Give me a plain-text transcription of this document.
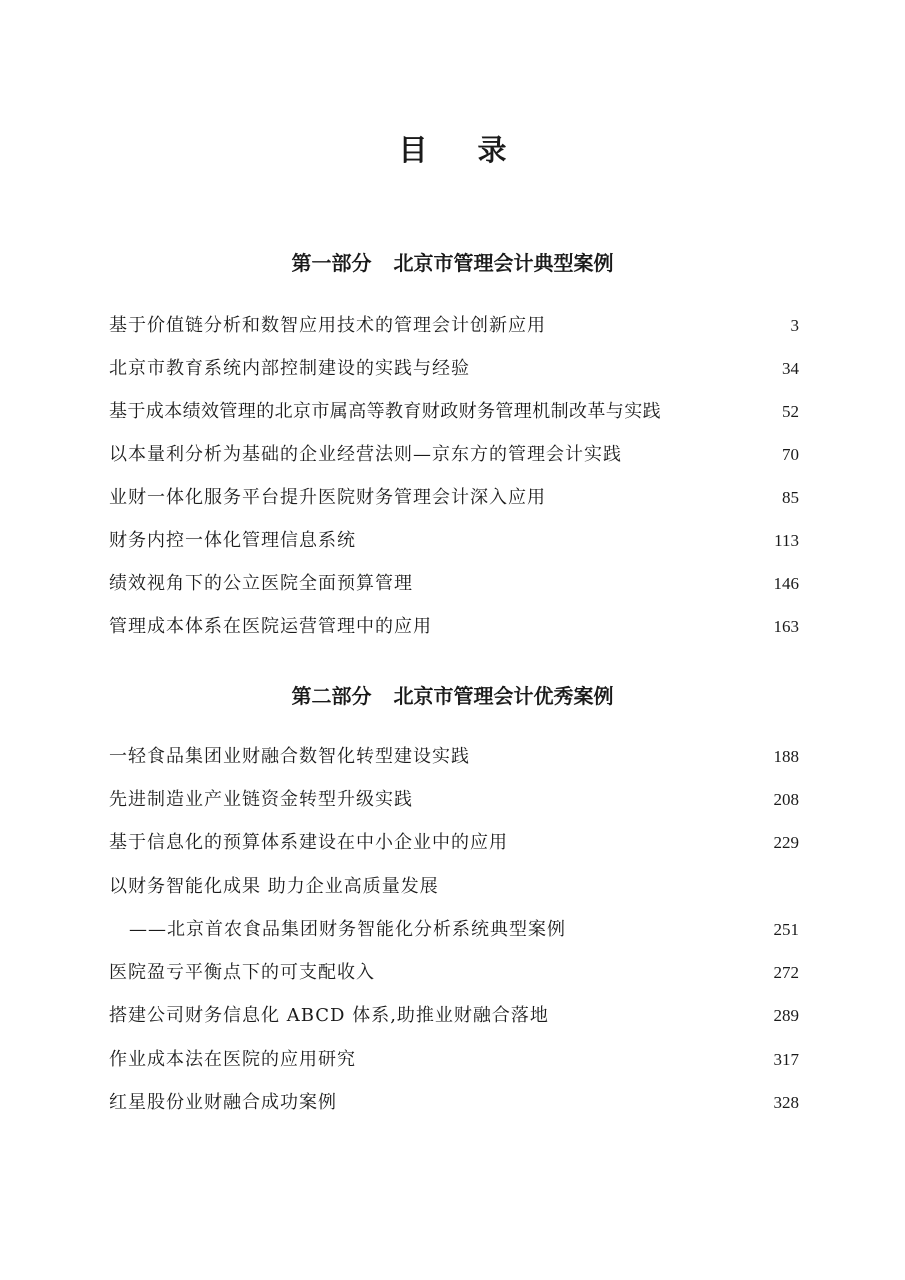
目录
第一部分 北京市管理会计典型案例
基于价值链分析和数智应用技术的管理会计创新应用	3
北京市教育系统内部控制建设的实践与经验	34
基于成本绩效管理的北京市属高等教育财政财务管理机制改革与实践	52
以本量利分析为基础的企业经营法则—京东方的管理会计实践	70
业财一体化服务平台提升医院财务管理会计深入应用	85
财务内控一体化管理信息系统	113
绩效视角下的公立医院全面预算管理	146
管理成本体系在医院运营管理中的应用	163
第二部分 北京市管理会计优秀案例
一轻食品集团业财融合数智化转型建设实践	188
先进制造业产业链资金转型升级实践	208
基于信息化的预算体系建设在中小企业中的应用	229
以财务智能化成果 助力企业高质量发展
——北京首农食品集团财务智能化分析系统典型案例	251
医院盈亏平衡点下的可支配收入	272
搭建公司财务信息化 ABCD 体系,助推业财融合落地	289
作业成本法在医院的应用研究	317
红星股份业财融合成功案例	328
